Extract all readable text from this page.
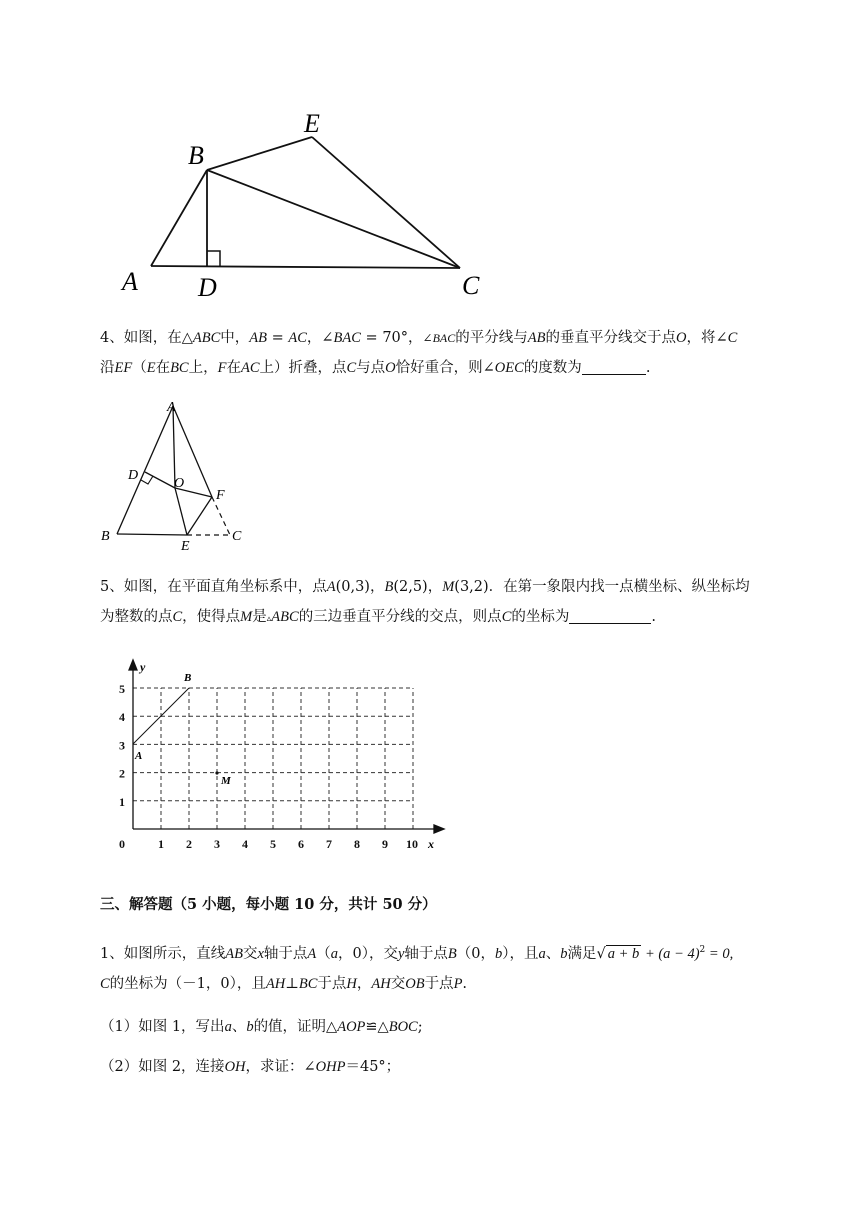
B
E
A D	C
4、如图，在△ABC中，AB = AC，∠BAC = 70°，∠BAC的平分线与AB的垂直平分线交于点O，将∠C
沿EF（E在BC上，F在AC上）折叠，点C与点O恰好重合，则∠OEC的度数为	.
A
D
O
F
B
E
C
5、如图，在平面直角坐标系中，点A(0,3)，B(2,5)，M(3,2)．在第一象限内找一点横坐标、纵坐标均
为整数的点C，使得点M是▵ABC的三边垂直平分线的交点，则点C的坐标为	.
0	1 2 3 4 5 6 7 8 9 10
1
2
3
4
5
y
x
B
A
M
三、解答题（5 小题，每小题 10 分，共计 50 分）
1、如图所示，直线AB交x轴于点A（a，0），交y轴于点B（0，b），且a、b满足√ $a + b + (a - 4)^2 = 0$,
C的坐标为（－1，0），且AH⊥BC于点H，AH交OB于点P.
（1）如图 1，写出a、b的值，证明△AOP≌△BOC;
（2）如图 2，连接OH，求证：∠OHP＝45°；
